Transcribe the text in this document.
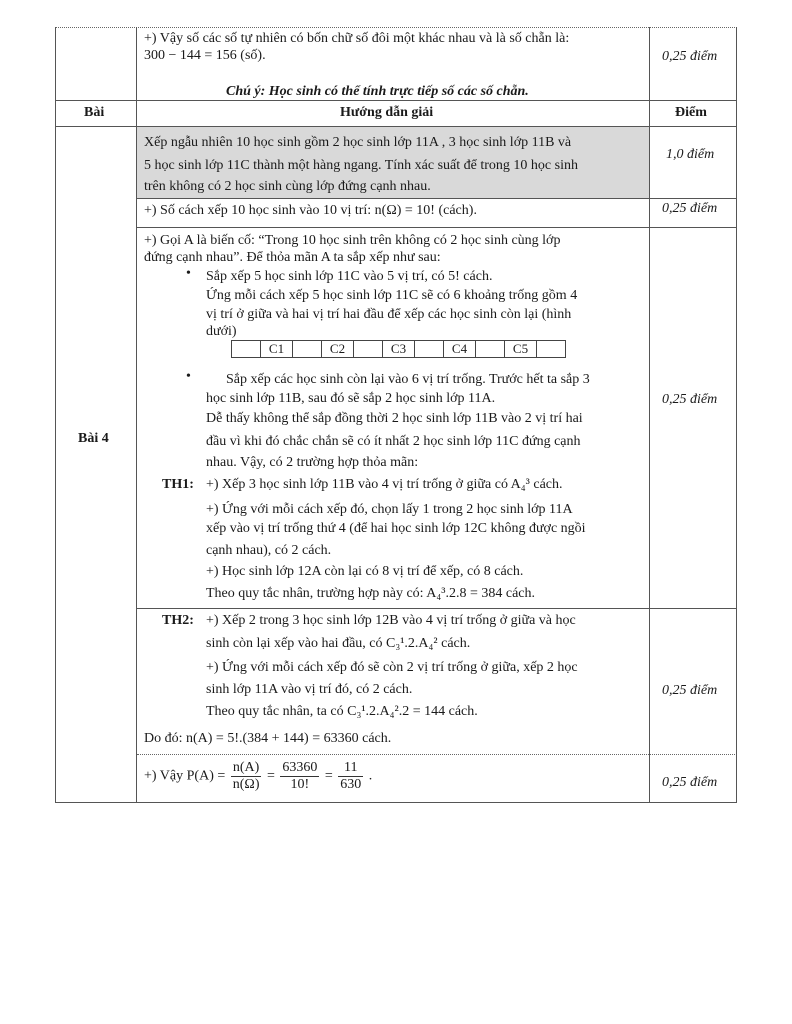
+) Vậy số các số tự nhiên có bốn chữ số đôi một khác nhau và là số chẵn là:
300 − 144 = 156 (số).	0,25 điểm
Chú ý: Học sinh có thể tính trực tiếp số các số chẵn.
Bài	Hướng dẫn giải	Điểm
Bài 4
Xếp ngẫu nhiên 10 học sinh gồm 2 học sinh lớp 11A , 3 học sinh lớp 11B và
5 học sinh lớp 11C thành một hàng ngang. Tính xác suất để trong 10 học sinh
trên không có 2 học sinh cùng lớp đứng cạnh nhau.
1,0 điểm
+) Số cách xếp 10 học sinh vào 10 vị trí: n(Ω) = 10! (cách).	0,25 điểm
+) Gọi A là biến cố: “Trong 10 học sinh trên không có 2 học sinh cùng lớp
đứng cạnh nhau”. Để thỏa mãn A ta sắp xếp như sau:
• Sắp xếp 5 học sinh lớp 11C vào 5 vị trí, có 5! cách.
Ứng mỗi cách xếp 5 học sinh lớp 11C sẽ có 6 khoảng trống gồm 4
vị trí ở giữa và hai vị trí hai đầu để xếp các học sinh còn lại (hình
dưới)
C1	C2	C3	C4	C5
•	Sắp xếp các học sinh còn lại vào 6 vị trí trống. Trước hết ta sắp 3
học sinh lớp 11B, sau đó sẽ sắp 2 học sinh lớp 11A.
Dễ thấy không thể sắp đồng thời 2 học sinh lớp 11B vào 2 vị trí hai
đầu vì khi đó chắc chắn sẽ có ít nhất 2 học sinh lớp 11C đứng cạnh
nhau. Vậy, có 2 trường hợp thỏa mãn:
TH1: +) Xếp 3 học sinh lớp 11B vào 4 vị trí trống ở giữa có A₄³ cách.
+) Ứng với mỗi cách xếp đó, chọn lấy 1 trong 2 học sinh lớp 11A
xếp vào vị trí trống thứ 4 (để hai học sinh lớp 12C không được ngồi
cạnh nhau), có 2 cách.
+) Học sinh lớp 12A còn lại có 8 vị trí để xếp, có 8 cách.
Theo quy tắc nhân, trường hợp này có: A₄³.2.8 = 384 cách.
0,25 điểm
TH2: +) Xếp 2 trong 3 học sinh lớp 12B vào 4 vị trí trống ở giữa và học
sinh còn lại xếp vào hai đầu, có C₃¹.2.A₄² cách.
+) Ứng với mỗi cách xếp đó sẽ còn 2 vị trí trống ở giữa, xếp 2 học
sinh lớp 11A vào vị trí đó, có 2 cách.
Theo quy tắc nhân, ta có C₃¹.2.A₄².2 = 144 cách.
Do đó: n(A) = 5!.(384 + 144) = 63360 cách.
0,25 điểm
+) Vậy $P(A) = \frac{n(A)}{n(\Omega)} = \frac{63360}{10!} = \frac{11}{630}$ .	0,25 điểm
